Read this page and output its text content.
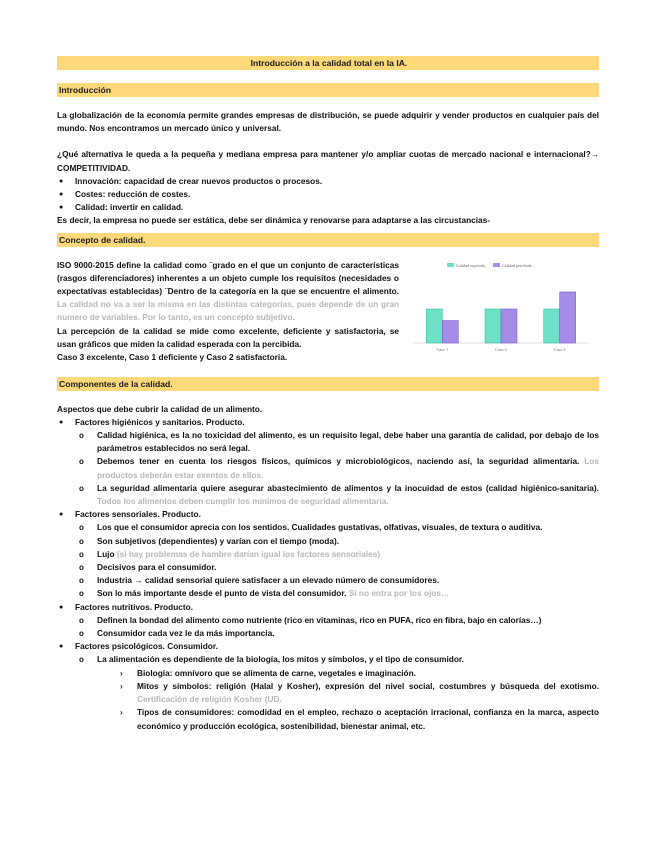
Introducción a la calidad total en la IA.
Introducción

La globalización de la economía permite grandes empresas de distribución, se puede adquirir y vender productos en cualquier país del mundo. Nos encontramos un mercado único y universal.

¿Qué alternativa le queda a la pequeña y mediana empresa para mantener y/o ampliar cuotas de mercado nacional e internacional?→ COMPETITIVIDAD.

● Innovación: capacidad de crear nuevos productos o procesos.
● Costes: reducción de costes.
● Calidad: invertir en calidad.

Es decir, la empresa no puede ser estática, debe ser dinámica y renovarse para adaptarse a las circustancias-

Concepto de calidad.

ISO 9000-2015 define la calidad como ¨grado en el que un conjunto de características (rasgos diferenciadores) inherentes a un objeto cumple los requisitos (necesidades o expectativas establecidas) ¨Dentro de la categoría en la que se encuentre el alimento. La calidad no va a ser la misma en las distintas categorías, pues depende de un gran numero de variables. Por lo tanto, es un concepto subjetivo.

La percepción de la calidad se mide como excelente, deficiente y satisfactoria, se usan gráficos que miden la calidad esperada con la percibida.

Caso 3 excelente, Caso 1 deficiente y Caso 2 satisfactoria.

Calidad esperada	Calidad percibida
Caso 1	Caso 2	Caso 3
Componentes de la calidad.

Aspectos que debe cubrir la calidad de un alimento.

● Factores higiénicos y sanitarios. Producto.
o Calidad higiénica, es la no toxicidad del alimento, es un requisito legal, debe haber una garantía de calidad, por debajo de los parámetros establecidos no será legal.
o Debemos tener en cuenta los riesgos físicos, químicos y microbiológicos, naciendo así, la seguridad alimentaria. Los productos deberán estar exentos de ellos.
o La seguridad alimentaria quiere asegurar abastecimiento de alimentos y la inocuidad de estos (calidad higiénico-sanitaria). Todos los alimentos deben cumplir los mínimos de seguridad alimentaria.
● Factores sensoriales. Producto.
o Los que el consumidor aprecia con los sentidos. Cualidades gustativas, olfativas, visuales, de textura o auditiva.
o Son subjetivos (dependientes) y varían con el tiempo (moda).
o Lujo (si hay problemas de hambre darían igual los factores sensoriales)
o Decisivos para el consumidor.
o Industria → calidad sensorial quiere satisfacer a un elevado número de consumidores.
o Son lo más importante desde el punto de vista del consumidor. Si no entra por los ojos…
● Factores nutritivos. Producto.
o Definen la bondad del alimento como nutriente (rico en vitaminas, rico en PUFA, rico en fibra, bajo en calorías…)
o Consumidor cada vez le da más importancia.
● Factores psicológicos. Consumidor.
o La alimentación es dependiente de la biología, los mitos y símbolos, y el tipo de consumidor.
› Biología: omnívoro que se alimenta de carne, vegetales e imaginación.
› Mitos y símbolos: religión (Halal y Kosher), expresión del nivel social, costumbres y búsqueda del exotismo. Certificación de religión Kosher (UD.
› Tipos de consumidores: comodidad en el empleo, rechazo o aceptación irracional, confianza en la marca, aspecto económico y producción ecológica, sostenibilidad, bienestar animal, etc.
